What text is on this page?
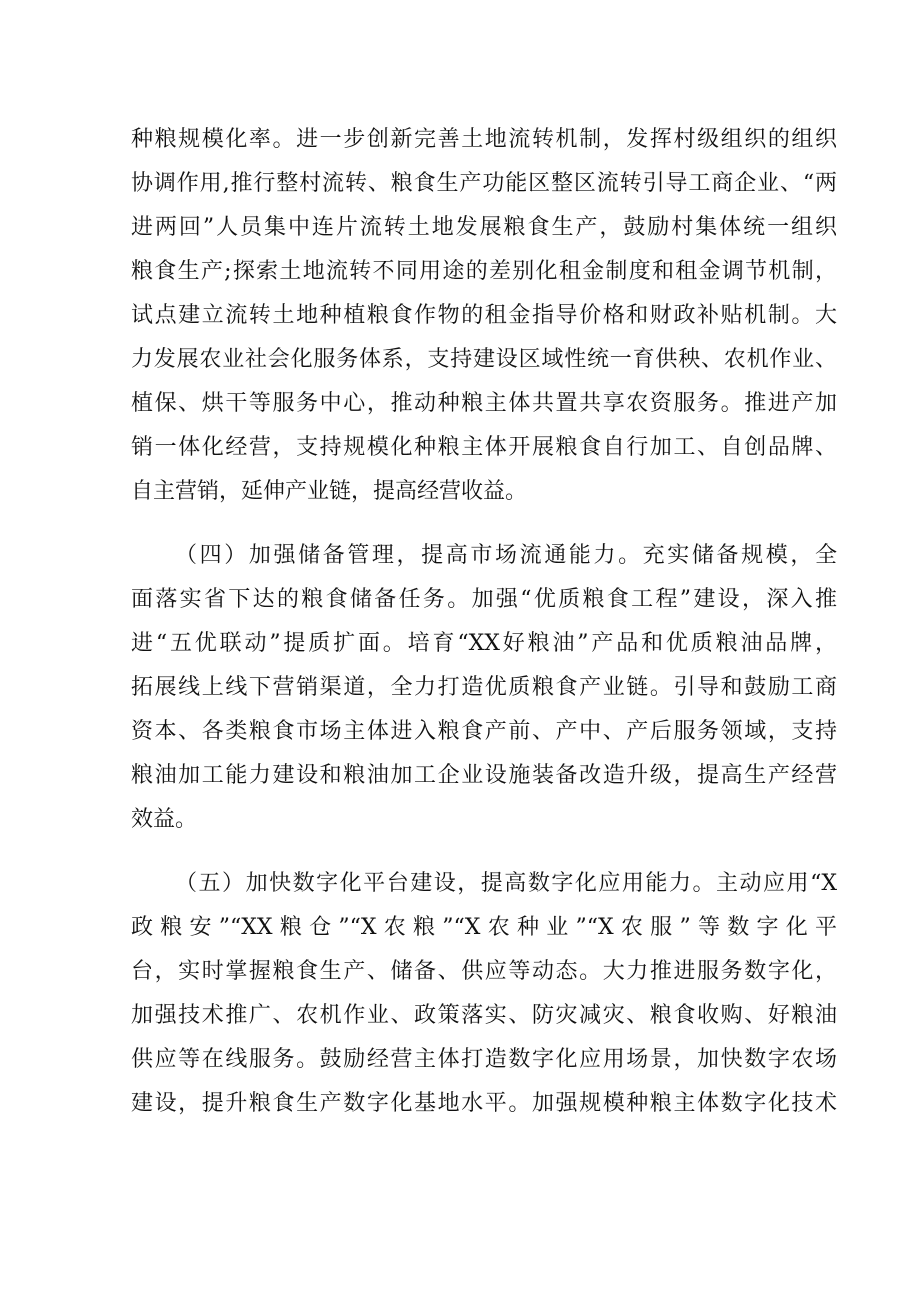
种粮规模化率。进一步创新完善土地流转机制，发挥村级组织的组织
协调作用,推行整村流转、粮食生产功能区整区流转引导工商企业、“两
进两回”人员集中连片流转土地发展粮食生产，鼓励村集体统一组织
粮食生产;探索土地流转不同用途的差别化租金制度和租金调节机制，
试点建立流转土地种植粮食作物的租金指导价格和财政补贴机制。大
力发展农业社会化服务体系，支持建设区域性统一育供秧、农机作业、
植保、烘干等服务中心，推动种粮主体共置共享农资服务。推进产加
销一体化经营，支持规模化种粮主体开展粮食自行加工、自创品牌、
自主营销，延伸产业链，提高经营收益。
（四）加强储备管理，提高市场流通能力。充实储备规模，全
面落实省下达的粮食储备任务。加强“优质粮食工程”建设，深入推
进“五优联动”提质扩面。培育“XX好粮油”产品和优质粮油品牌，
拓展线上线下营销渠道，全力打造优质粮食产业链。引导和鼓励工商
资本、各类粮食市场主体进入粮食产前、产中、产后服务领域，支持
粮油加工能力建设和粮油加工企业设施装备改造升级，提高生产经营
效益。
（五）加快数字化平台建设，提高数字化应用能力。主动应用“X
政粮安”“XX粮仓”“X农粮”“X农种业”“X农服”等数字化平
台，实时掌握粮食生产、储备、供应等动态。大力推进服务数字化，
加强技术推广、农机作业、政策落实、防灾减灾、粮食收购、好粮油
供应等在线服务。鼓励经营主体打造数字化应用场景，加快数字农场
建设，提升粮食生产数字化基地水平。加强规模种粮主体数字化技术
